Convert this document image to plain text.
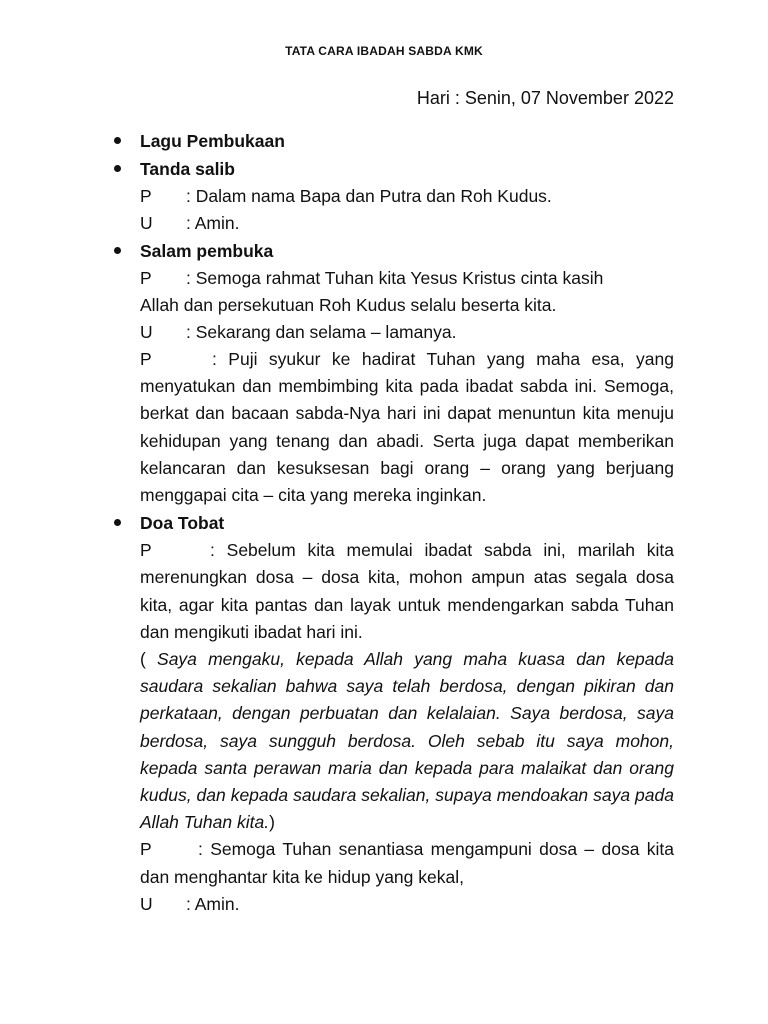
TATA CARA IBADAH SABDA KMK
Hari : Senin, 07 November 2022
Lagu Pembukaan
Tanda salib
P : Dalam nama Bapa dan Putra dan Roh Kudus.
U : Amin.
Salam pembuka
P : Semoga rahmat Tuhan kita Yesus Kristus cinta kasih
Allah dan persekutuan Roh Kudus selalu beserta kita.
U : Sekarang dan selama – lamanya.
P	: Puji syukur ke hadirat Tuhan yang maha esa, yang menyatukan dan membimbing kita pada ibadat sabda ini. Semoga, berkat dan bacaan sabda-Nya hari ini dapat menuntun kita menuju kehidupan yang tenang dan abadi. Serta juga dapat memberikan kelancaran dan kesuksesan bagi orang – orang yang berjuang menggapai cita – cita yang mereka inginkan.
Doa Tobat
P	: Sebelum kita memulai ibadat sabda ini, marilah kita merenungkan dosa – dosa kita, mohon ampun atas segala dosa kita, agar kita pantas dan layak untuk mendengarkan sabda Tuhan dan mengikuti ibadat hari ini.
( Saya mengaku, kepada Allah yang maha kuasa dan kepada saudara sekalian bahwa saya telah berdosa, dengan pikiran dan perkataan, dengan perbuatan dan kelalaian. Saya berdosa, saya berdosa, saya sungguh berdosa. Oleh sebab itu saya mohon, kepada santa perawan maria dan kepada para malaikat dan orang kudus, dan kepada saudara sekalian, supaya mendoakan saya pada Allah Tuhan kita.)
P	: Semoga Tuhan senantiasa mengampuni dosa – dosa kita dan menghantar kita ke hidup yang kekal,
U : Amin.
